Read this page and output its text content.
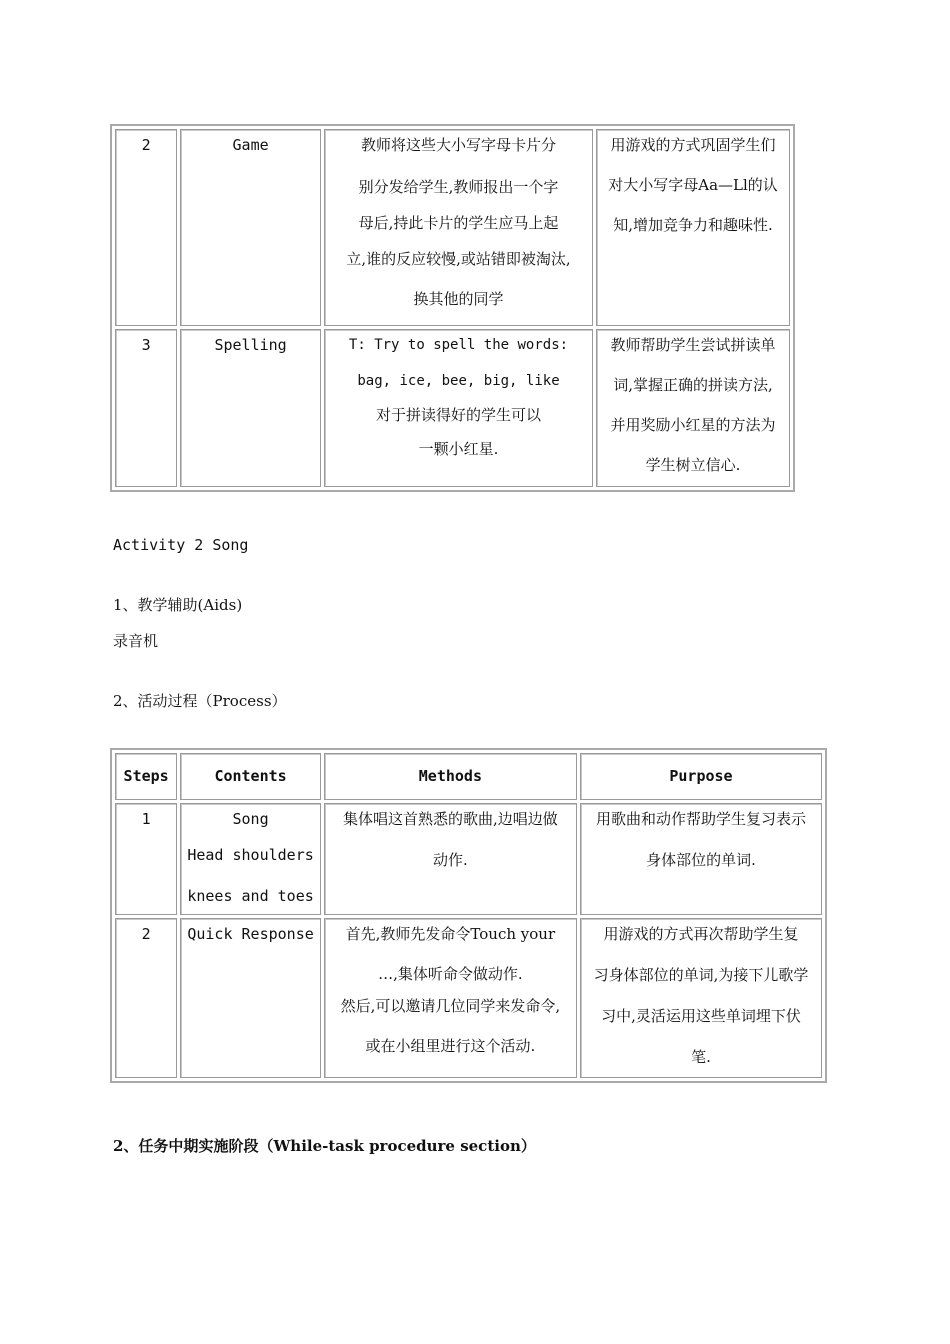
2	Game	教师将这些大小写字母卡片分
别分发给学生,教师报出一个字
母后,持此卡片的学生应马上起
立,谁的反应较慢,或站错即被淘汰,
换其他的同学	用游戏的方式巩固学生们
对大小写字母Aa—Ll的认
知,增加竞争力和趣味性.

3	Spelling	T: Try to spell the words:
bag, ice, bee, big, like
对于拼读得好的学生可以
一颗小红星.	教师帮助学生尝试拼读单
词,掌握正确的拼读方法,
并用奖励小红星的方法为
学生树立信心.
Activity 2 Song
1、教学辅助(Aids)
录音机
2、活动过程（Process）
Steps	Contents	Methods	Purpose
1	Song
Head shoulders
knees and toes	集体唱这首熟悉的歌曲,边唱边做
动作.	用歌曲和动作帮助学生复习表示
身体部位的单词.

2	Quick Response	首先,教师先发命令Touch your
…,集体听命令做动作.
然后,可以邀请几位同学来发命令,
或在小组里进行这个活动.	用游戏的方式再次帮助学生复
习身体部位的单词,为接下儿歌学
习中,灵活运用这些单词埋下伏
笔.
2、任务中期实施阶段（While-task procedure section）
